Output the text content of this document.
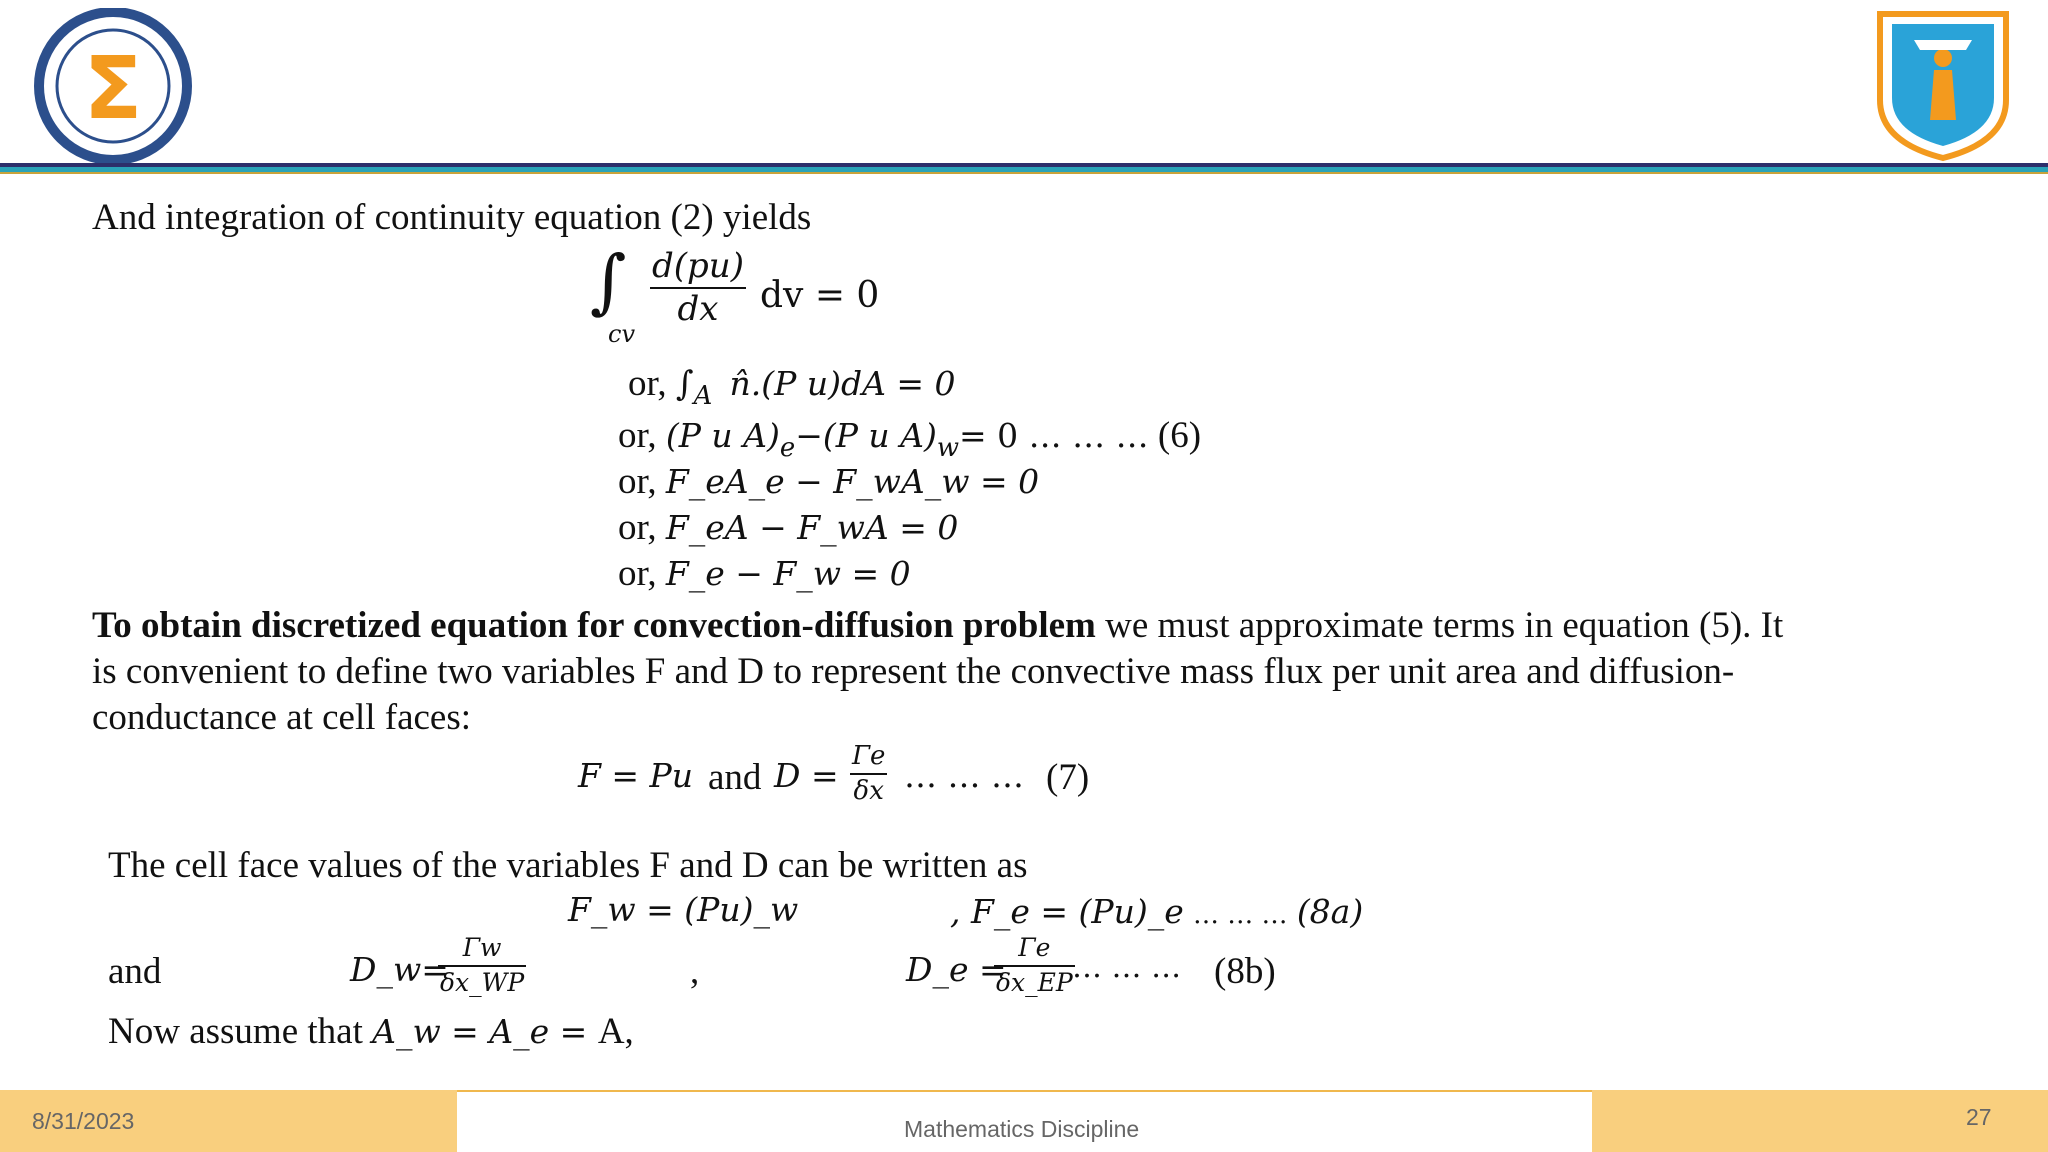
Σ
And integration of continuity equation (2) yields
∫
cv
$\frac{d(pu)}{dx}$ dv = 0
or, $\int_A$ n̂.(P u)dA = 0
or, (P u $A)_e-(P$ u $A)_w= 0$ … … … (6)
or, F_eA_e − F_wA_w = 0
or, F_eA − F_wA = 0
or, F_e − F_w = 0
To obtain discretized equation for convection-diffusion problem we must approximate terms in equation (5). It
is convenient to define two variables F and D to represent the convective mass flux per unit area and diffusion-
conductance at cell faces:
F = Pu and $D = \frac{\Gamma e}{\delta x}$ … … … (7)
The cell face values of the variables F and D can be written as
F_w = (Pu)_w	, F_e = (Pu)_e … … … (8a)
and	D_w=
$\frac{\Gamma w}{\delta x\_WP}$	,	D_e =
$\frac{\Gamma e}{\delta x\_EP}$
… … … (8b)
Now assume that A_w = A_e = A,
8/31/2023	Mathematics Discipline	27
